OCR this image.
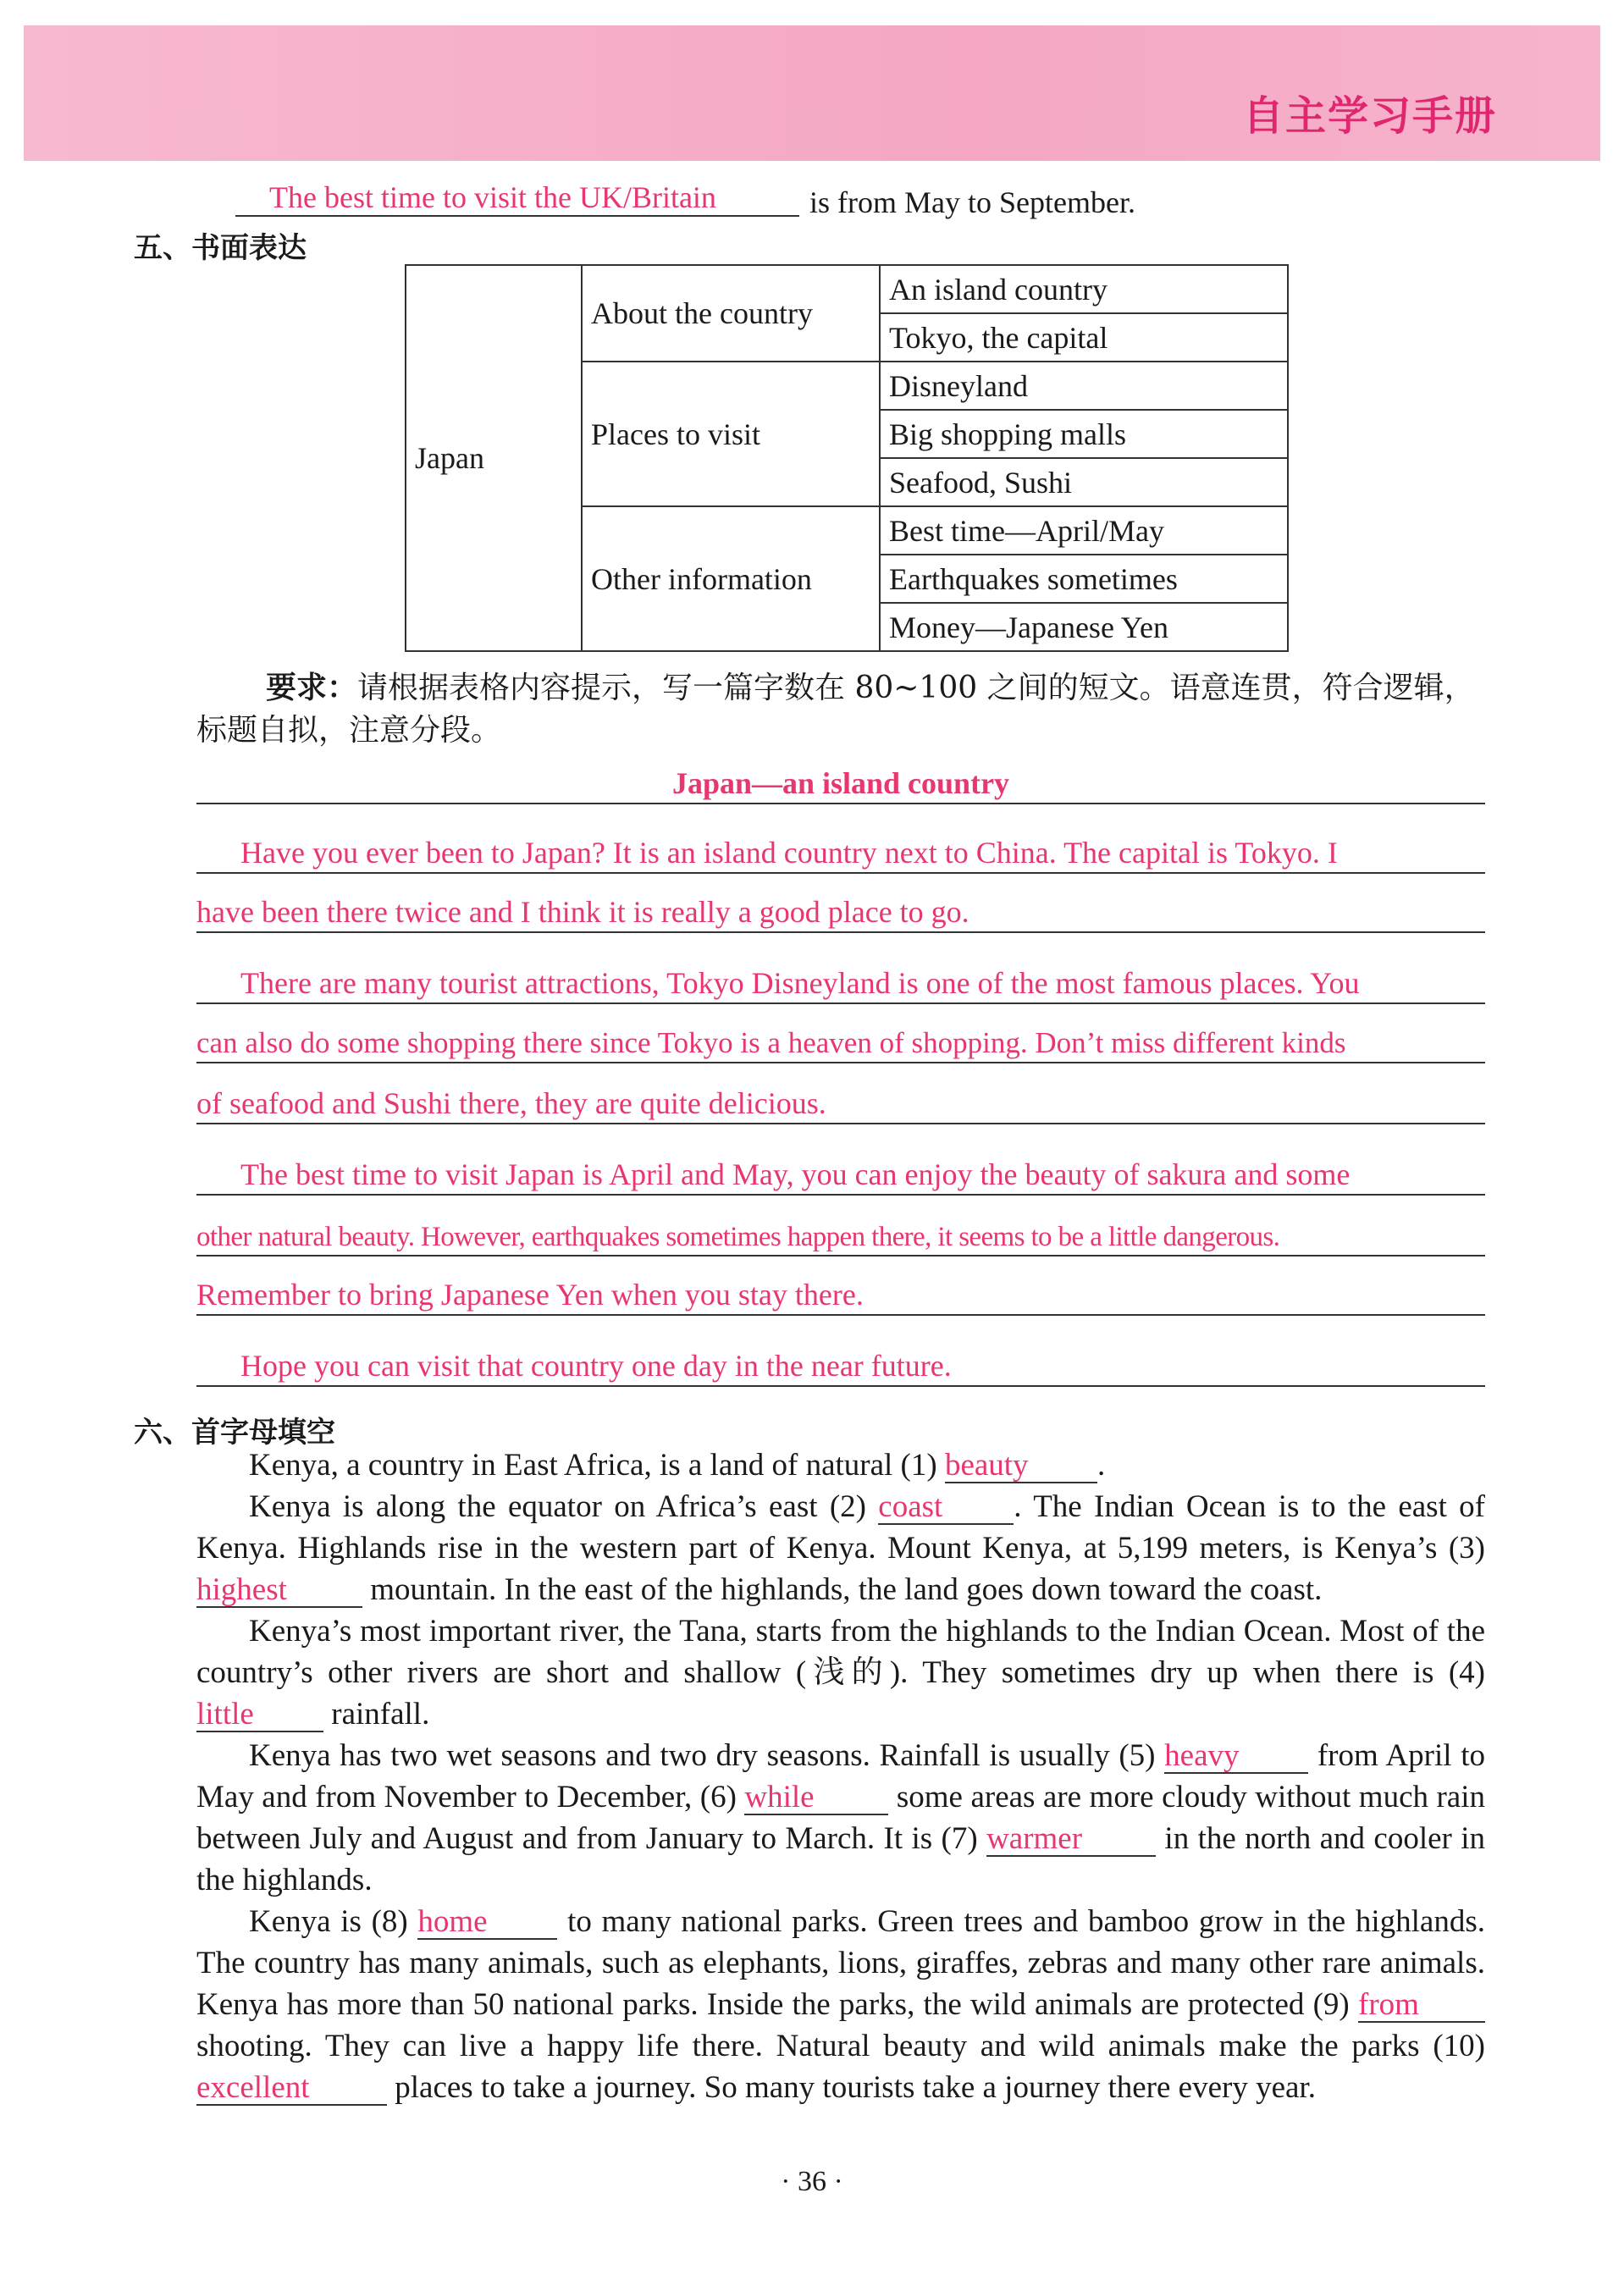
自主学习手册
The best time to visit the UK/Britain	is from May to September.
五、书面表达
Japan	About the country	An island country
		Tokyo, the capital
	Places to visit	Disneyland
		Big shopping malls
		Seafood, Sushi
	Other information	Best time—April/May
		Earthquakes sometimes
		Money—Japanese Yen
要求：请根据表格内容提示，写一篇字数在 80~100 之间的短文。语意连贯，符合逻辑，标题自拟，注意分段。
Japan—an island country
Have you ever been to Japan? It is an island country next to China. The capital is Tokyo. I
have been there twice and I think it is really a good place to go.
There are many tourist attractions, Tokyo Disneyland is one of the most famous places. You
can also do some shopping there since Tokyo is a heaven of shopping. Don’t miss different kinds
of seafood and Sushi there, they are quite delicious.
The best time to visit Japan is April and May, you can enjoy the beauty of sakura and some
other natural beauty. However, earthquakes sometimes happen there, it seems to be a little dangerous.
Remember to bring Japanese Yen when you stay there.
Hope you can visit that country one day in the near future.
六、首字母填空
Kenya, a country in East Africa, is a land of natural (1) beauty .
Kenya is along the equator on Africa’s east (2) coast . The Indian Ocean is to the east of Kenya. Highlands rise in the western part of Kenya. Mount Kenya, at 5,199 meters, is Kenya’s (3) highest mountain. In the east of the highlands, the land goes down toward the coast.
Kenya’s most important river, the Tana, starts from the highlands to the Indian Ocean. Most of the country’s other rivers are short and shallow (浅的). They sometimes dry up when there is (4) little rainfall.
Kenya has two wet seasons and two dry seasons. Rainfall is usually (5) heavy from April to May and from November to December, (6) while some areas are more cloudy without much rain between July and August and from January to March. It is (7) warmer in the north and cooler in the highlands.
Kenya is (8) home to many national parks. Green trees and bamboo grow in the highlands. The country has many animals, such as elephants, lions, giraffes, zebras and many other rare animals. Kenya has more than 50 national parks. Inside the parks, the wild animals are protected (9) from shooting. They can live a happy life there. Natural beauty and wild animals make the parks (10) excellent places to take a journey. So many tourists take a journey there every year.
· 36 ·
